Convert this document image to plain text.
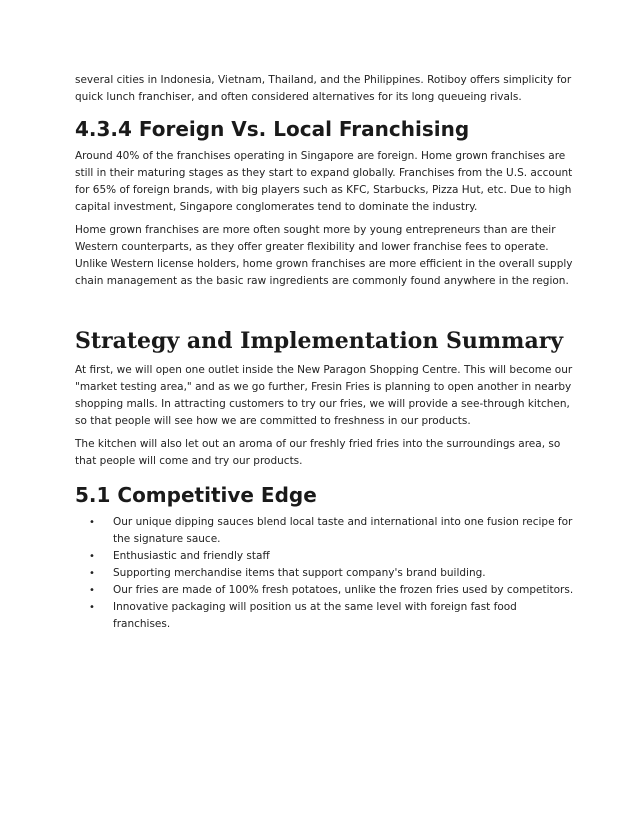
several cities in Indonesia, Vietnam, Thailand, and the Philippines. Rotiboy offers simplicity for quick lunch franchiser, and often considered alternatives for its long queueing rivals.

4.3.4 Foreign Vs. Local Franchising

Around 40% of the franchises operating in Singapore are foreign. Home grown franchises are still in their maturing stages as they start to expand globally. Franchises from the U.S. account for 65% of foreign brands, with big players such as KFC, Starbucks, Pizza Hut, etc. Due to high capital investment, Singapore conglomerates tend to dominate the industry.

Home grown franchises are more often sought more by young entrepreneurs than are their Western counterparts, as they offer greater flexibility and lower franchise fees to operate. Unlike Western license holders, home grown franchises are more efficient in the overall supply chain management as the basic raw ingredients are commonly found anywhere in the region.

Strategy and Implementation Summary

At first, we will open one outlet inside the New Paragon Shopping Centre. This will become our "market testing area," and as we go further, Fresin Fries is planning to open another in nearby shopping malls. In attracting customers to try our fries, we will provide a see-through kitchen, so that people will see how we are committed to freshness in our products.

The kitchen will also let out an aroma of our freshly fried fries into the surroundings area, so that people will come and try our products.

5.1 Competitive Edge
• Our unique dipping sauces blend local taste and international into one fusion recipe for the signature sauce.
• Enthusiastic and friendly staff
• Supporting merchandise items that support company's brand building.
• Our fries are made of 100% fresh potatoes, unlike the frozen fries used by competitors.
• Innovative packaging will position us at the same level with foreign fast food franchises.
